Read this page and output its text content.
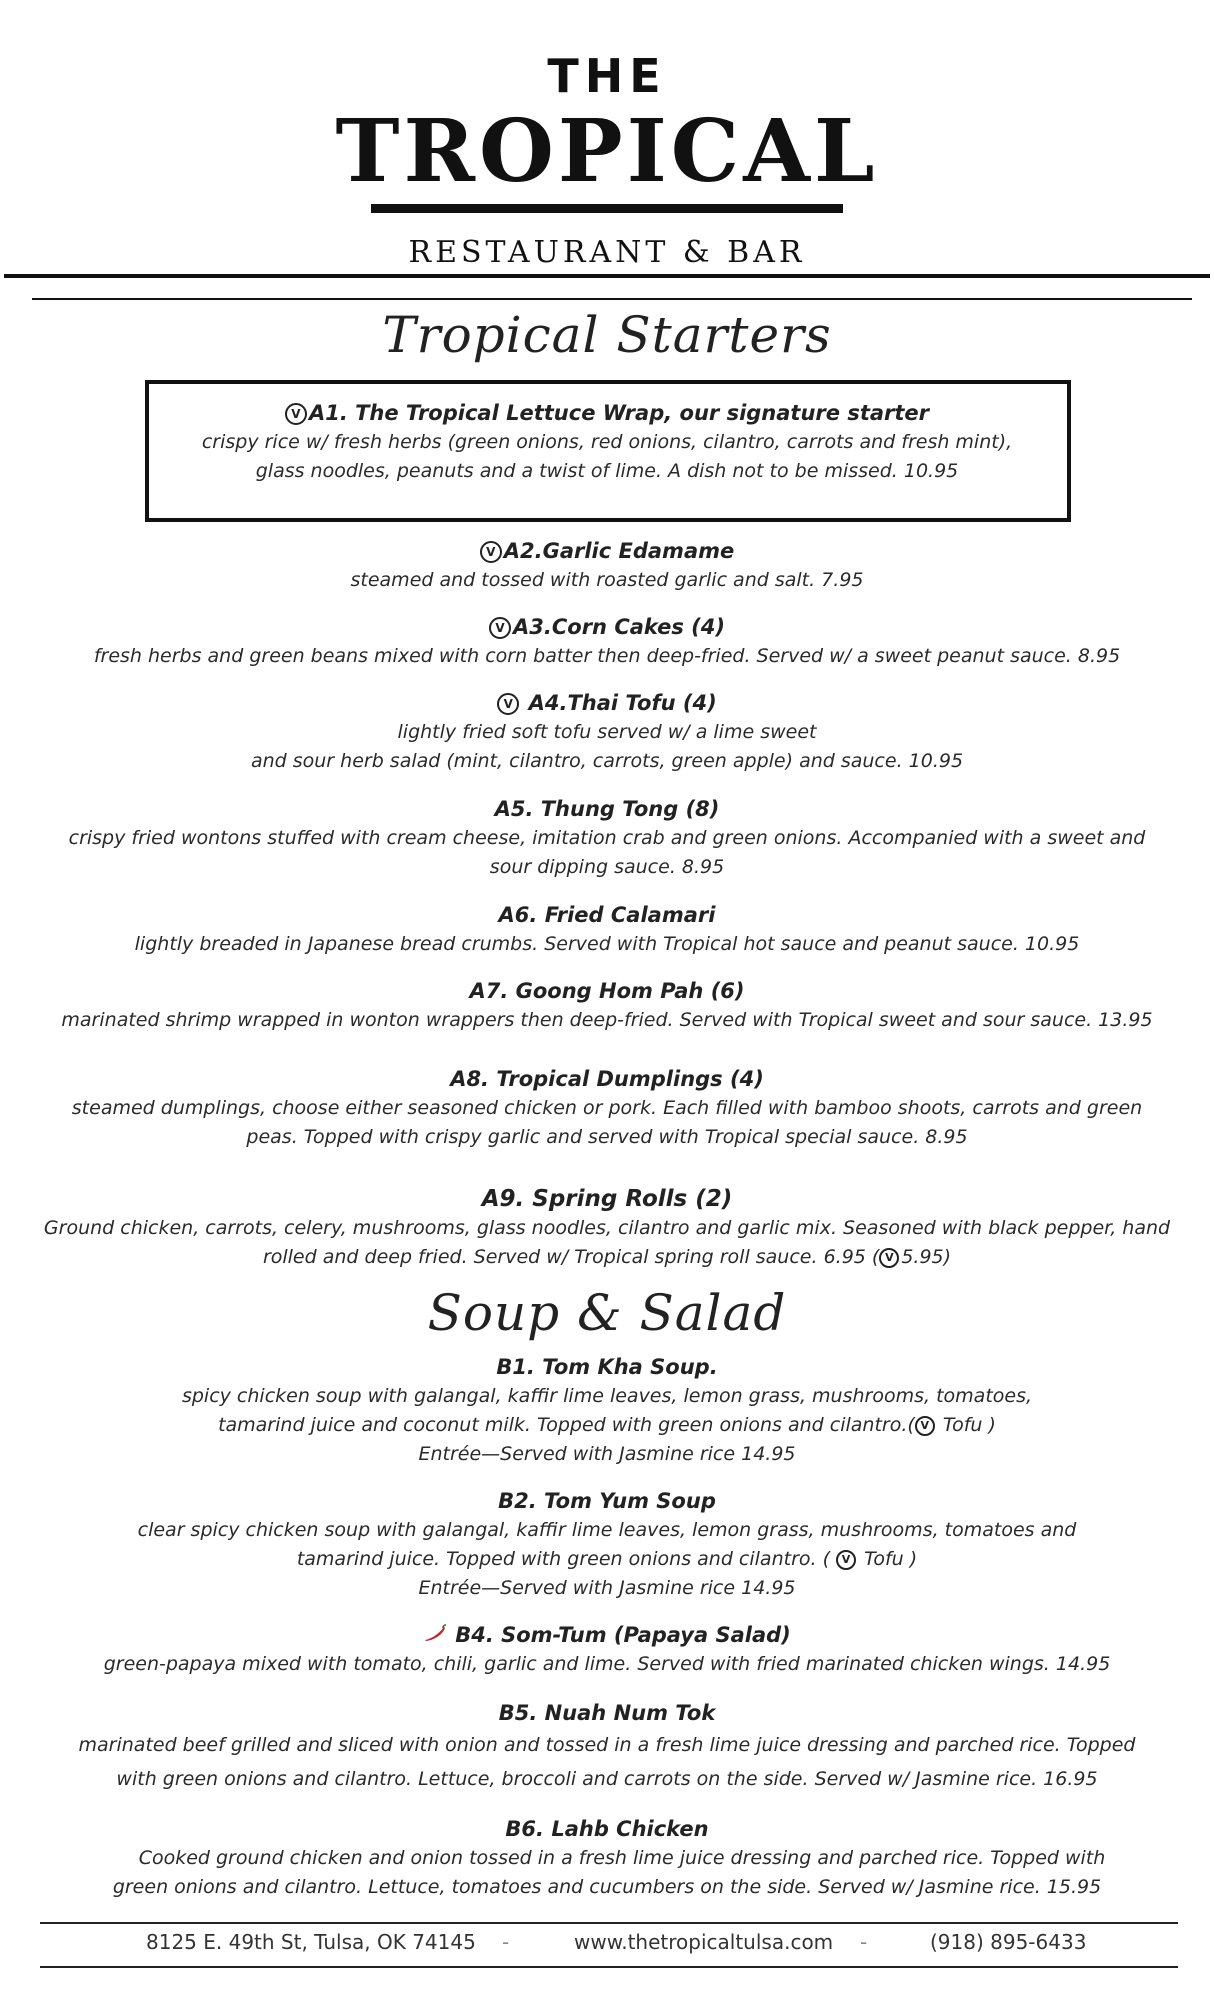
THE
TROPICAL
RESTAURANT & BAR
Tropical Starters
V A1. The Tropical Lettuce Wrap, our signature starter
crispy rice w/ fresh herbs (green onions, red onions, cilantro, carrots and fresh mint),
glass noodles, peanuts and a twist of lime. A dish not to be missed. 10.95
V A2.Garlic Edamame
steamed and tossed with roasted garlic and salt. 7.95
V A3.Corn Cakes (4)
fresh herbs and green beans mixed with corn batter then deep-fried. Served w/ a sweet peanut sauce. 8.95
V A4.Thai Tofu (4)
lightly fried soft tofu served w/ a lime sweet
and sour herb salad (mint, cilantro, carrots, green apple) and sauce. 10.95
A5. Thung Tong (8)
crispy fried wontons stuffed with cream cheese, imitation crab and green onions. Accompanied with a sweet and
sour dipping sauce. 8.95
A6. Fried Calamari
lightly breaded in Japanese bread crumbs. Served with Tropical hot sauce and peanut sauce. 10.95
A7. Goong Hom Pah (6)
marinated shrimp wrapped in wonton wrappers then deep-fried. Served with Tropical sweet and sour sauce. 13.95
A8. Tropical Dumplings (4)
steamed dumplings, choose either seasoned chicken or pork. Each filled with bamboo shoots, carrots and green
peas. Topped with crispy garlic and served with Tropical special sauce. 8.95
A9. Spring Rolls (2)
Ground chicken, carrots, celery, mushrooms, glass noodles, cilantro and garlic mix. Seasoned with black pepper, hand
rolled and deep fried. Served w/ Tropical spring roll sauce. 6.95 ( V 5.95)
Soup & Salad
B1. Tom Kha Soup.
spicy chicken soup with galangal, kaffir lime leaves, lemon grass, mushrooms, tomatoes,
tamarind juice and coconut milk. Topped with green onions and cilantro.( V Tofu )
Entrée—Served with Jasmine rice 14.95
B2. Tom Yum Soup
clear spicy chicken soup with galangal, kaffir lime leaves, lemon grass, mushrooms, tomatoes and
tamarind juice. Topped with green onions and cilantro. ( V Tofu )
Entrée—Served with Jasmine rice 14.95
B4. Som-Tum (Papaya Salad)
green-papaya mixed with tomato, chili, garlic and lime. Served with fried marinated chicken wings. 14.95
B5. Nuah Num Tok
marinated beef grilled and sliced with onion and tossed in a fresh lime juice dressing and parched rice. Topped
with green onions and cilantro. Lettuce, broccoli and carrots on the side. Served w/ Jasmine rice. 16.95
B6. Lahb Chicken
Cooked ground chicken and onion tossed in a fresh lime juice dressing and parched rice. Topped with
green onions and cilantro. Lettuce, tomatoes and cucumbers on the side. Served w/ Jasmine rice. 15.95
8125 E. 49th St, Tulsa, OK 74145 -	www.thetropicaltulsa.com -	(918) 895-6433
